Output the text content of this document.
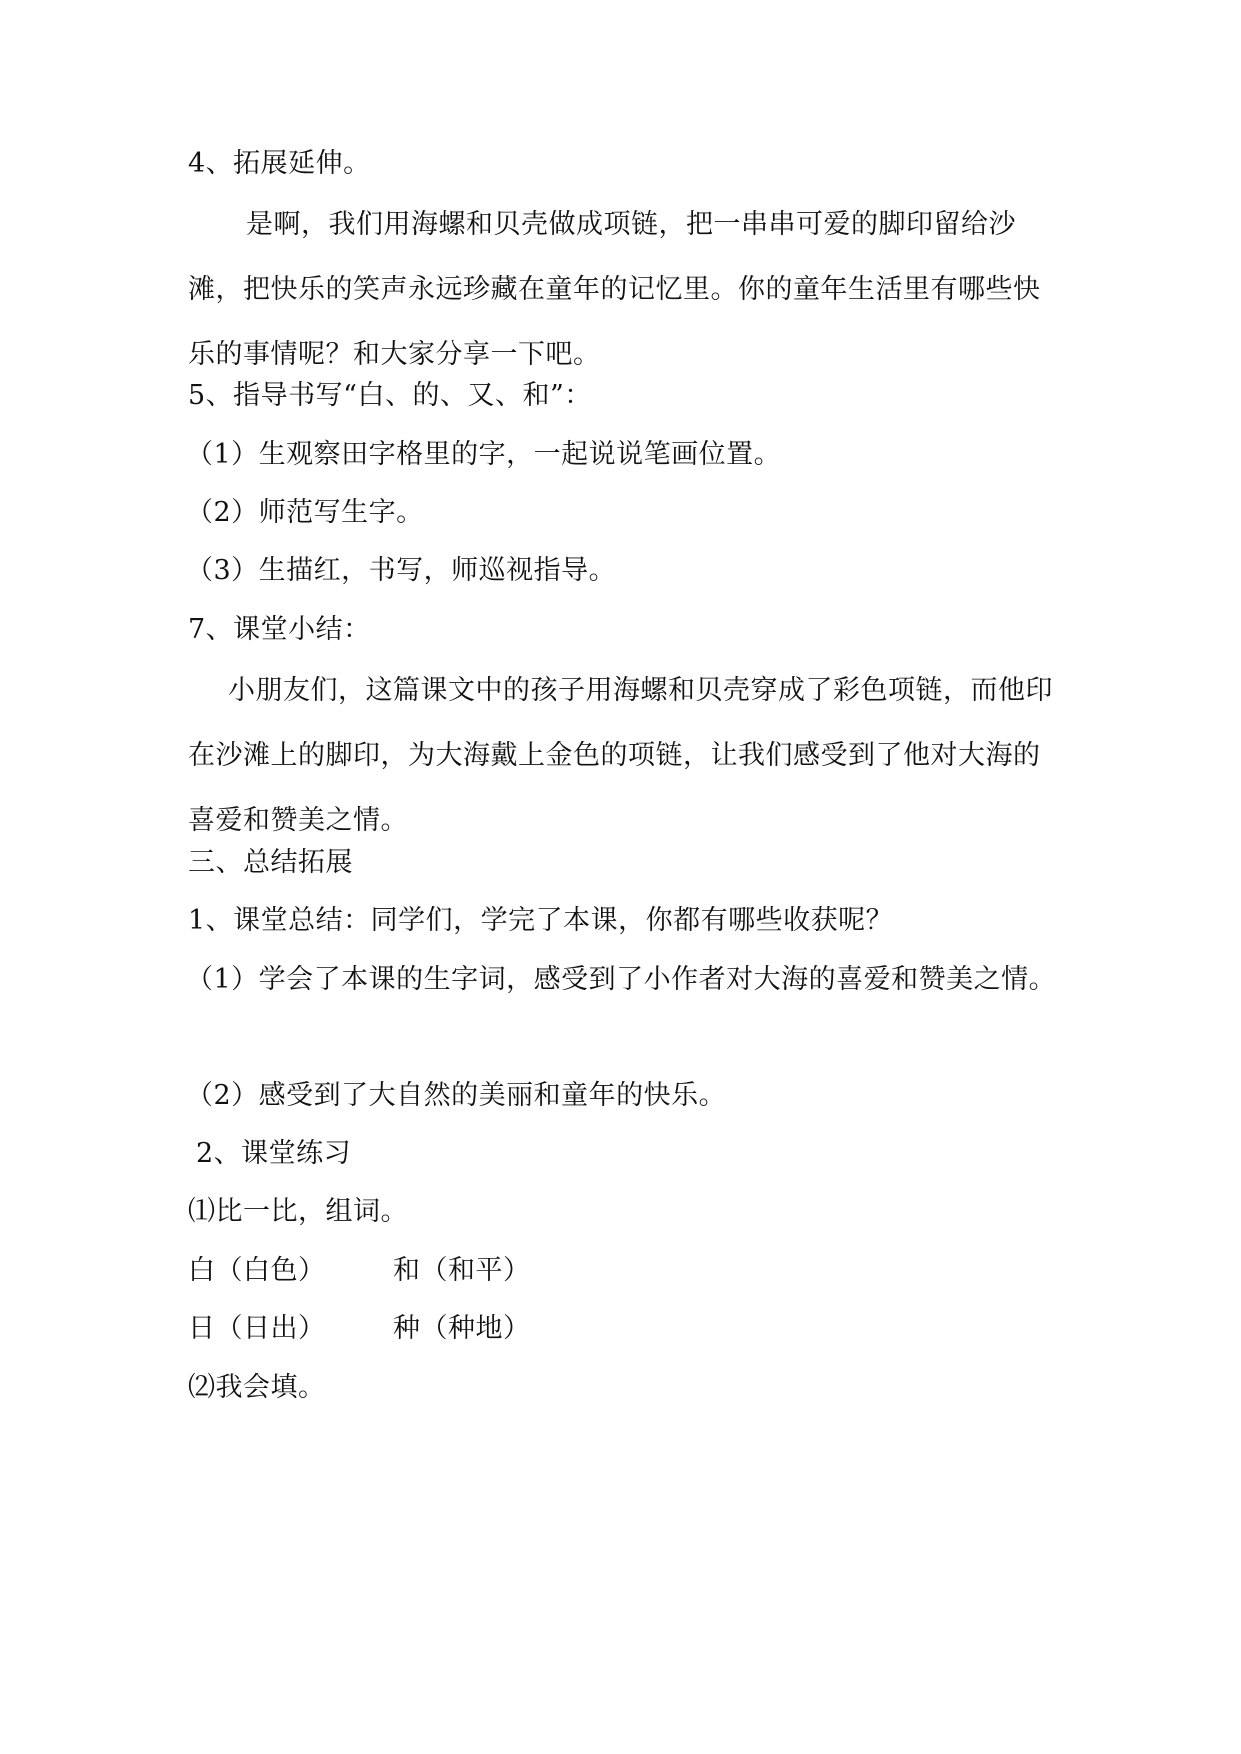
4、拓展延伸。
是啊，我们用海螺和贝壳做成项链，把一串串可爱的脚印留给沙滩，把快乐的笑声永远珍藏在童年的记忆里。你的童年生活里有哪些快乐的事情呢？和大家分享一下吧。
5、指导书写“白、的、又、和”：
（1）生观察田字格里的字，一起说说笔画位置。
（2）师范写生字。
（3）生描红，书写，师巡视指导。
7、课堂小结：
小朋友们，这篇课文中的孩子用海螺和贝壳穿成了彩色项链，而他印在沙滩上的脚印，为大海戴上金色的项链，让我们感受到了他对大海的喜爱和赞美之情。
三、总结拓展
1、课堂总结：同学们，学完了本课，你都有哪些收获呢？
（1）学会了本课的生字词，感受到了小作者对大海的喜爱和赞美之情。
（2）感受到了大自然的美丽和童年的快乐。
2、课堂练习
⑴比一比，组词。
白（白色）	和（和平）
日（日出）	种（种地）
⑵我会填。
